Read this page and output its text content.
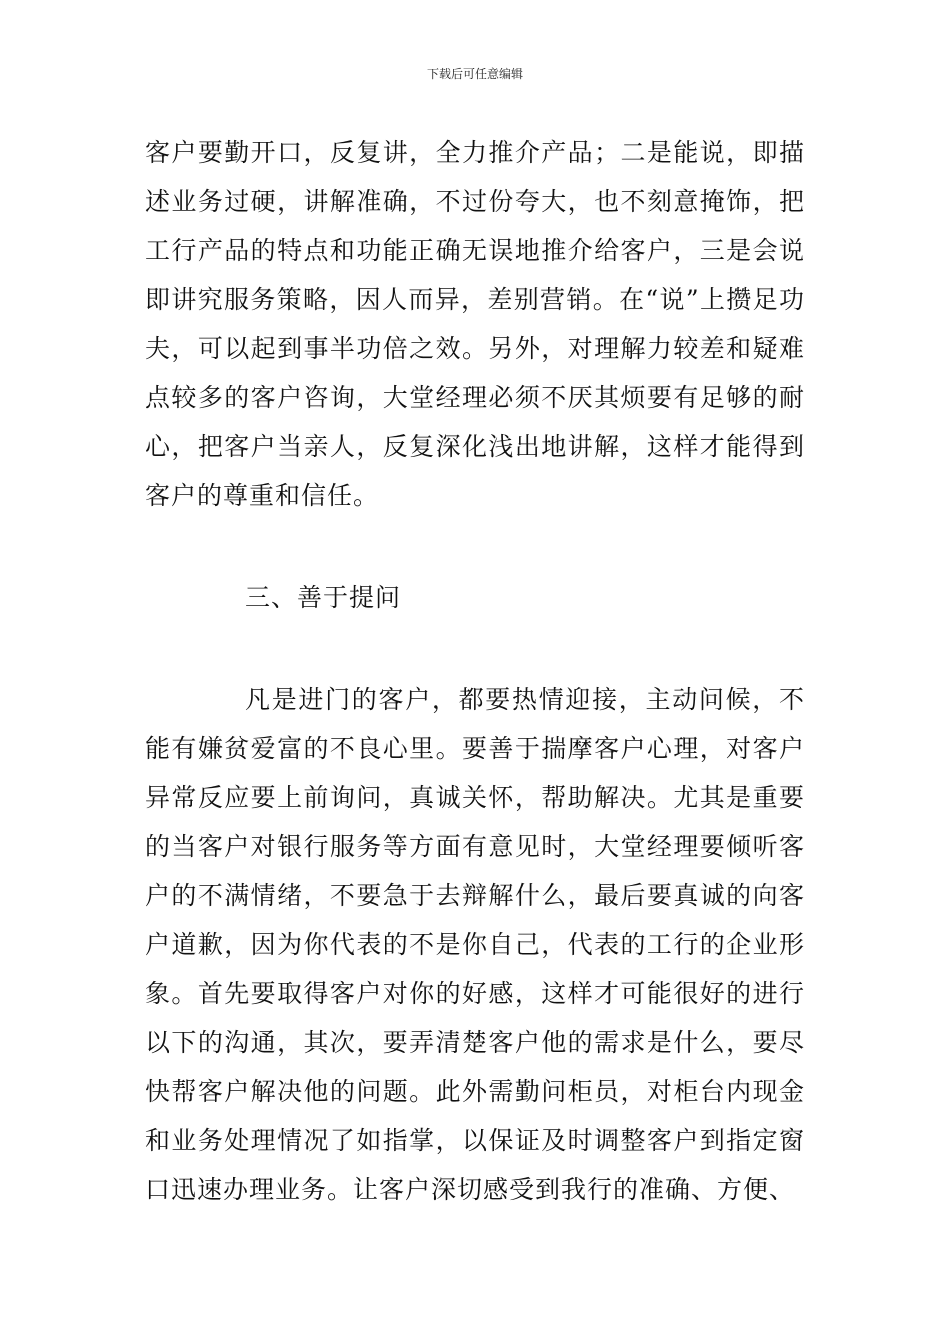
下载后可任意编辑

客户要勤开口，反复讲，全力推介产品；二是能说，即描述业务过硬，讲解准确，不过份夸大，也不刻意掩饰，把工行产品的特点和功能正确无误地推介给客户，三是会说即讲究服务策略，因人而异，差别营销。在“说”上攒足功夫，可以起到事半功倍之效。另外，对理解力较差和疑难点较多的客户咨询，大堂经理必须不厌其烦要有足够的耐心，把客户当亲人，反复深化浅出地讲解，这样才能得到客户的尊重和信任。

三、善于提问

凡是进门的客户，都要热情迎接，主动问候，不能有嫌贫爱富的不良心里。要善于揣摩客户心理，对客户异常反应要上前询问，真诚关怀，帮助解决。尤其是重要的当客户对银行服务等方面有意见时，大堂经理要倾听客户的不满情绪，不要急于去辩解什么，最后要真诚的向客户道歉，因为你代表的不是你自己，代表的工行的企业形象。首先要取得客户对你的好感，这样才可能很好的进行以下的沟通，其次，要弄清楚客户他的需求是什么，要尽快帮客户解决他的问题。此外需勤问柜员，对柜台内现金和业务处理情况了如指掌，以保证及时调整客户到指定窗口迅速办理业务。让客户深切感受到我行的准确、方便、
